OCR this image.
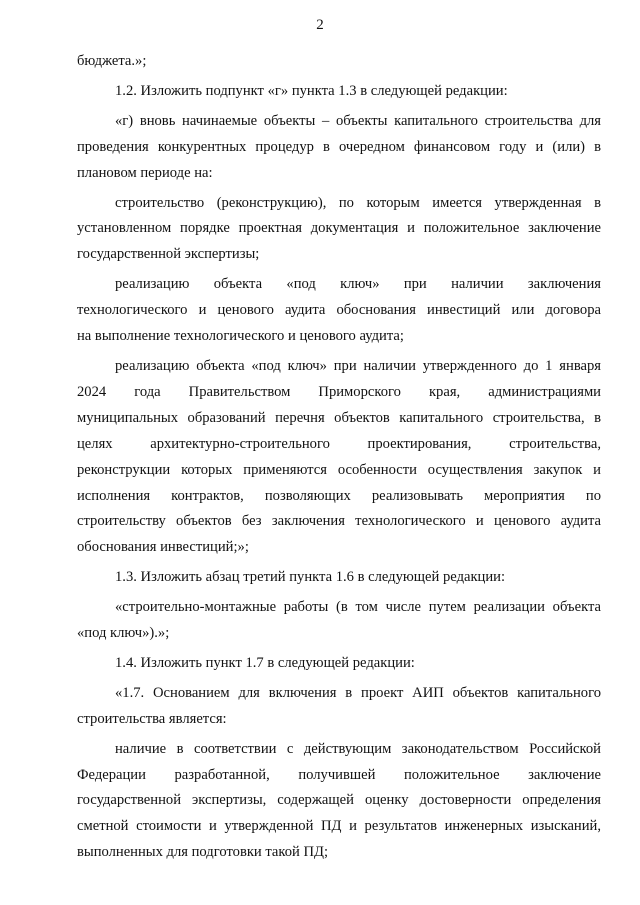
2
бюджета.»;
1.2. Изложить подпункт «г» пункта 1.3 в следующей редакции:
«г) вновь начинаемые объекты – объекты капитального строительства для
проведения конкурентных процедур в очередном финансовом году и (или) в
плановом периоде на:
строительство (реконструкцию), по которым имеется утвержденная в
установленном порядке проектная документация и положительное заключение
государственной экспертизы;
реализацию объекта «под ключ» при наличии заключения
технологического и ценового аудита обоснования инвестиций или договора
на выполнение технологического и ценового аудита;
реализацию объекта «под ключ» при наличии утвержденного до 1 января
2024 года Правительством Приморского края, администрациями
муниципальных образований перечня объектов капитального строительства, в
целях архитектурно-строительного проектирования, строительства,
реконструкции которых применяются особенности осуществления закупок и
исполнения контрактов, позволяющих реализовывать мероприятия по
строительству объектов без заключения технологического и ценового аудита
обоснования инвестиций;»;
1.3. Изложить абзац третий пункта 1.6 в следующей редакции:
«строительно-монтажные работы (в том числе путем реализации объекта
«под ключ»).»;
1.4. Изложить пункт 1.7 в следующей редакции:
«1.7. Основанием для включения в проект АИП объектов капитального
строительства является:
наличие в соответствии с действующим законодательством Российской
Федерации разработанной, получившей положительное заключение
государственной экспертизы, содержащей оценку достоверности определения
сметной стоимости и утвержденной ПД и результатов инженерных изысканий,
выполненных для подготовки такой ПД;
